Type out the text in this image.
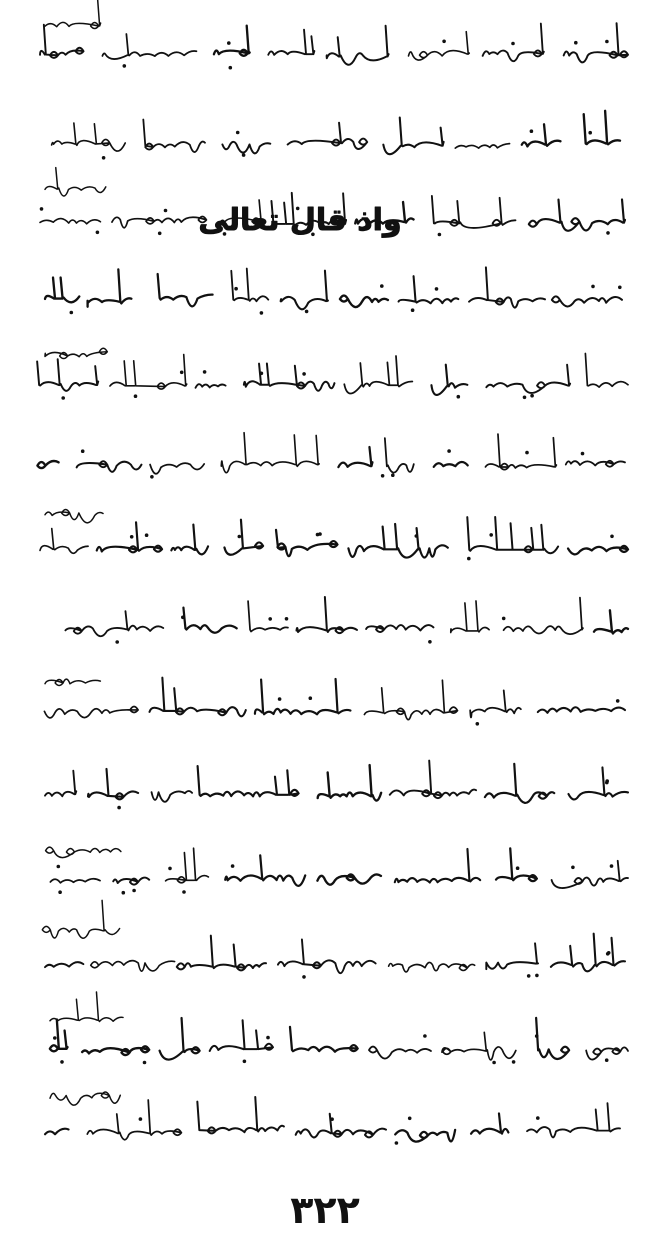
واذ قال تعالى
۳۲۲
